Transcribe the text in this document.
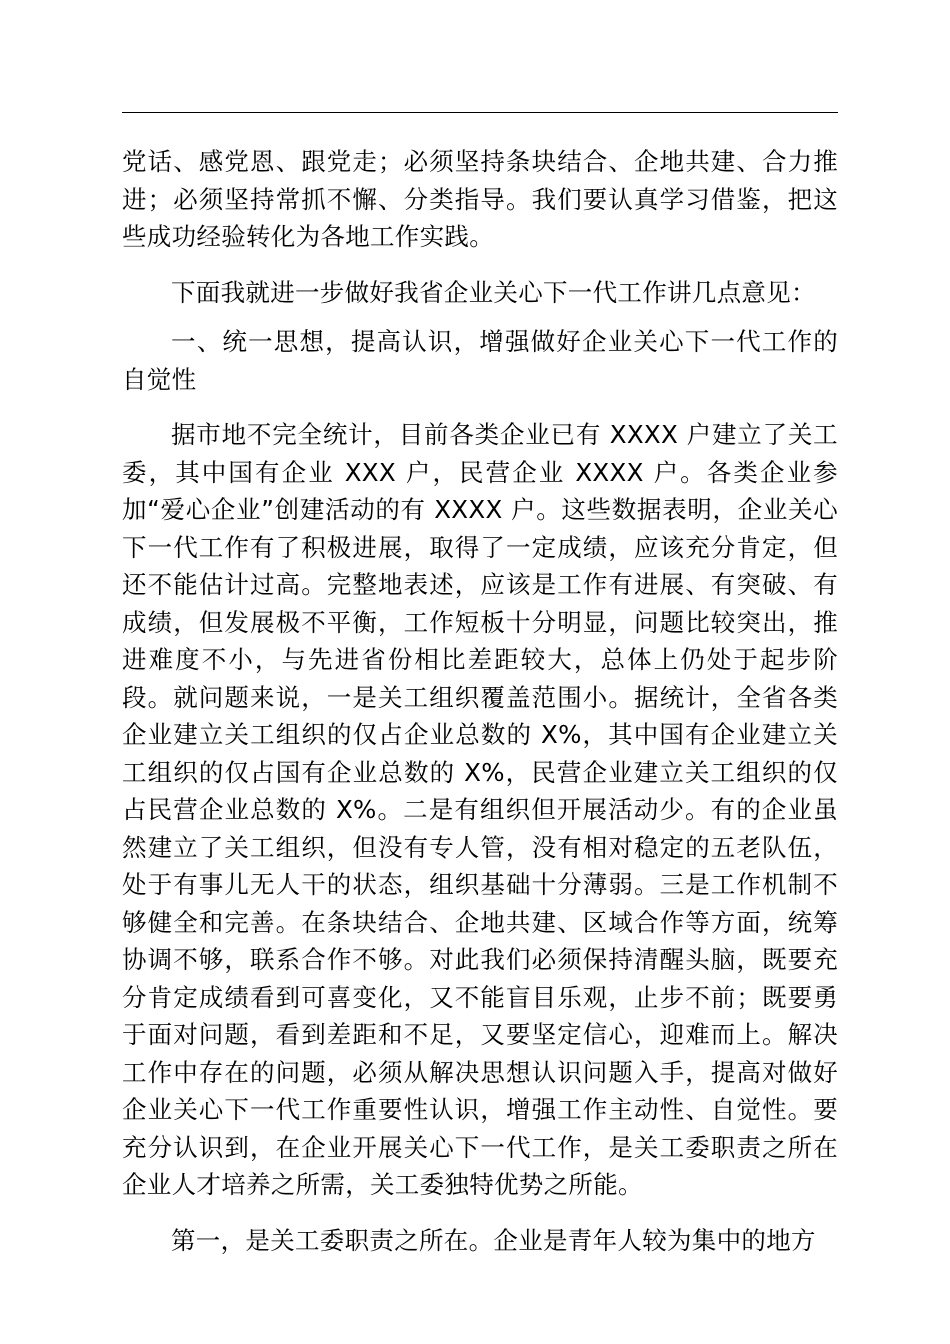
党话、感党恩、跟党走；必须坚持条块结合、企地共建、合力推进；必须坚持常抓不懈、分类指导。我们要认真学习借鉴，把这些成功经验转化为各地工作实践。

下面我就进一步做好我省企业关心下一代工作讲几点意见：

一、统一思想，提高认识，增强做好企业关心下一代工作的自觉性

据市地不完全统计，目前各类企业已有 XXXX 户建立了关工委，其中国有企业 XXX 户，民营企业 XXXX 户。各类企业参加“爱心企业”创建活动的有 XXXX 户。这些数据表明，企业关心下一代工作有了积极进展，取得了一定成绩，应该充分肯定，但还不能估计过高。完整地表述，应该是工作有进展、有突破、有成绩，但发展极不平衡，工作短板十分明显，问题比较突出，推进难度不小，与先进省份相比差距较大，总体上仍处于起步阶段。就问题来说，一是关工组织覆盖范围小。据统计，全省各类企业建立关工组织的仅占企业总数的 X%，其中国有企业建立关工组织的仅占国有企业总数的 X%，民营企业建立关工组织的仅占民营企业总数的 X%。二是有组织但开展活动少。有的企业虽然建立了关工组织，但没有专人管，没有相对稳定的五老队伍，处于有事儿无人干的状态，组织基础十分薄弱。三是工作机制不够健全和完善。在条块结合、企地共建、区域合作等方面，统筹协调不够，联系合作不够。对此我们必须保持清醒头脑，既要充分肯定成绩看到可喜变化，又不能盲目乐观，止步不前；既要勇于面对问题，看到差距和不足，又要坚定信心，迎难而上。解决工作中存在的问题，必须从解决思想认识问题入手，提高对做好企业关心下一代工作重要性认识，增强工作主动性、自觉性。要充分认识到，在企业开展关心下一代工作，是关工委职责之所在企业人才培养之所需，关工委独特优势之所能。

第一，是关工委职责之所在。企业是青年人较为集中的地方
